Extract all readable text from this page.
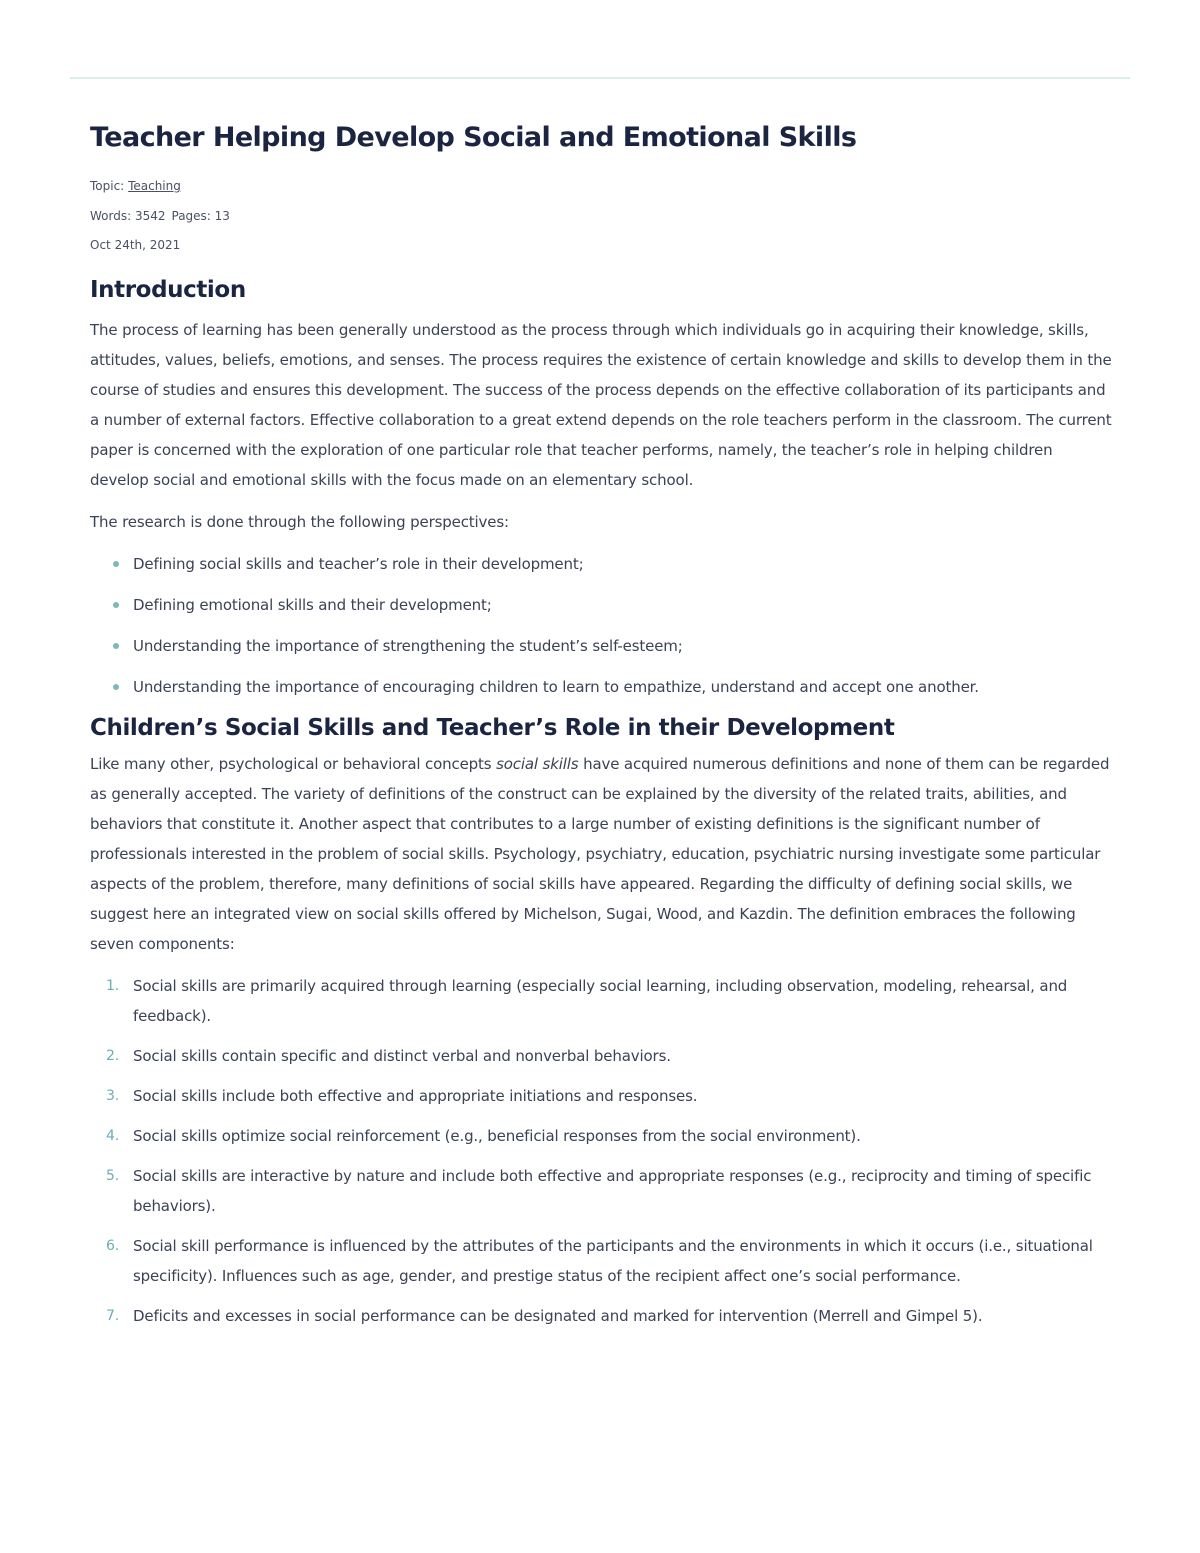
Teacher Helping Develop Social and Emotional Skills
Topic: Teaching
Words: 3542 Pages: 13
Oct 24th, 2021
Introduction

The process of learning has been generally understood as the process through which individuals go in acquiring their knowledge, skills, attitudes, values, beliefs, emotions, and senses. The process requires the existence of certain knowledge and skills to develop them in the course of studies and ensures this development. The success of the process depends on the effective collaboration of its participants and a number of external factors. Effective collaboration to a great extend depends on the role teachers perform in the classroom. The current paper is concerned with the exploration of one particular role that teacher performs, namely, the teacher’s role in helping children develop social and emotional skills with the focus made on an elementary school.

The research is done through the following perspectives:

Defining social skills and teacher’s role in their development;
Defining emotional skills and their development;
Understanding the importance of strengthening the student’s self-esteem;
Understanding the importance of encouraging children to learn to empathize, understand and accept one another.
Children’s Social Skills and Teacher’s Role in their Development

Like many other, psychological or behavioral concepts social skills have acquired numerous definitions and none of them can be regarded as generally accepted. The variety of definitions of the construct can be explained by the diversity of the related traits, abilities, and behaviors that constitute it. Another aspect that contributes to a large number of existing definitions is the significant number of professionals interested in the problem of social skills. Psychology, psychiatry, education, psychiatric nursing investigate some particular aspects of the problem, therefore, many definitions of social skills have appeared. Regarding the difficulty of defining social skills, we suggest here an integrated view on social skills offered by Michelson, Sugai, Wood, and Kazdin. The definition embraces the following seven components:

1. Social skills are primarily acquired through learning (especially social learning, including observation, modeling, rehearsal, and feedback).
2. Social skills contain specific and distinct verbal and nonverbal behaviors.
3. Social skills include both effective and appropriate initiations and responses.
4. Social skills optimize social reinforcement (e.g., beneficial responses from the social environment).
5. Social skills are interactive by nature and include both effective and appropriate responses (e.g., reciprocity and timing of specific behaviors).
6. Social skill performance is influenced by the attributes of the participants and the environments in which it occurs (i.e., situational specificity). Influences such as age, gender, and prestige status of the recipient affect one’s social performance.
7. Deficits and excesses in social performance can be designated and marked for intervention (Merrell and Gimpel 5).
